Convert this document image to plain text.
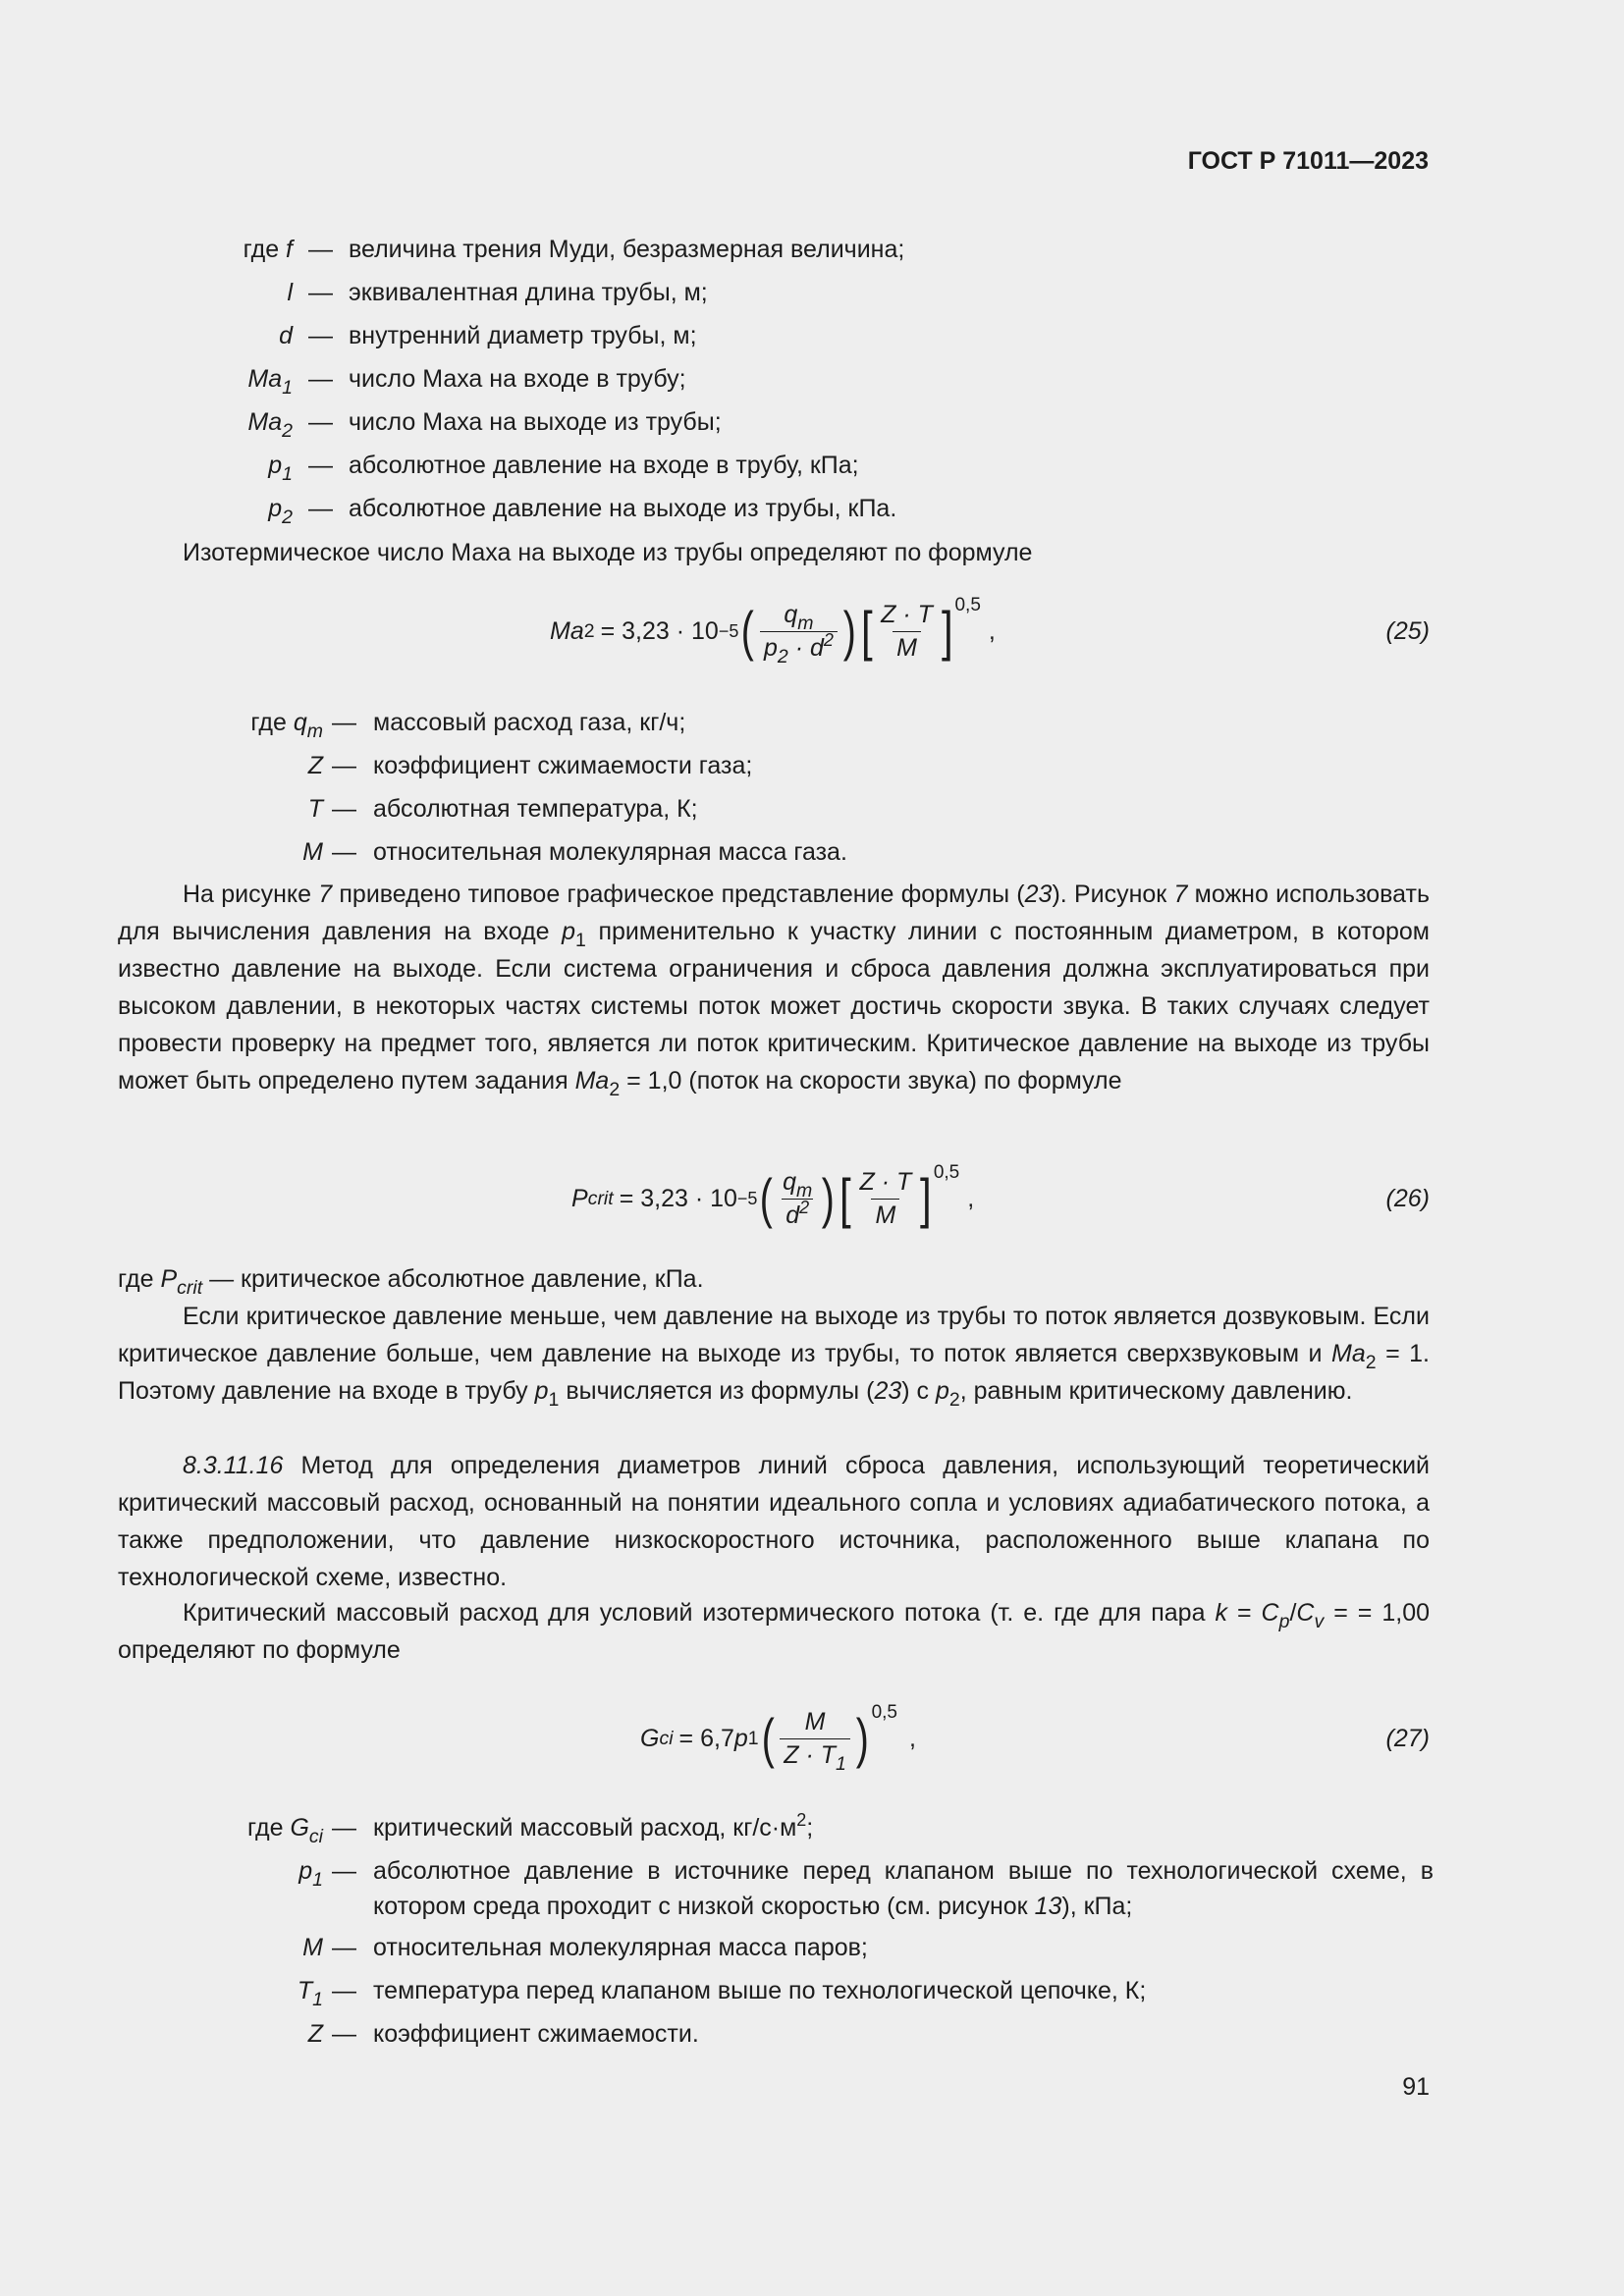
ГОСТ Р 71011—2023
где f — величина трения Муди, безразмерная величина;
l — эквивалентная длина трубы, м;
d — внутренний диаметр трубы, м;
$Ma_1$ — число Маха на входе в трубу;
$Ma_2$ — число Маха на выходе из трубы;
$p_1$ — абсолютное давление на входе в трубу, кПа;
$p_2$ — абсолютное давление на выходе из трубы, кПа.
Изотермическое число Маха на выходе из трубы определяют по формуле
Ma 2 = 3,23 · 10 −5 ( $\frac{q_m}{p_2 \cdot d^2}$ ) [ $\frac{Z \cdot T}{M}$ ] 0,5
,	(25)
где $q_m$ — массовый расход газа, кг/ч;
Z — коэффициент сжимаемости газа;
T — абсолютная температура, К;
M — относительная молекулярная масса газа.
На рисунке 7 приведено типовое графическое представление формулы (23). Рисунок 7 можно использовать для вычисления давления на входе $p_1$ применительно к участку линии с постоянным диаметром, в котором известно давление на выходе. Если система ограничения и сброса давления должна эксплуатироваться при высоком давлении, в некоторых частях системы поток может достичь скорости звука. В таких случаях следует провести проверку на предмет того, является ли поток критическим. Критическое давление на выходе из трубы может быть определено путем задания $Ma_2 = 1,0$ (поток на скорости звука) по формуле
P crit = 3,23 · 10 −5 ( $\frac{q_m}{d^2}$ ) [ $\frac{Z \cdot T}{M}$ ] 0,5
,	(26)
где $P_{crit}$ — критическое абсолютное давление, кПа.
Если критическое давление меньше, чем давление на выходе из трубы то поток является дозвуковым. Если критическое давление больше, чем давление на выходе из трубы, то поток является сверхзвуковым и $Ma_2 = 1$. Поэтому давление на входе в трубу $p_1$ вычисляется из формулы (23) с $p_2$, равным критическому давлению.
8.3.11.16 Метод для определения диаметров линий сброса давления, использующий теоретический критический массовый расход, основанный на понятии идеального сопла и условиях адиабатического потока, а также предположении, что давление низкоскоростного источника, расположенного выше клапана по технологической схеме, известно.
Критический массовый расход для условий изотермического потока (т. е. где для пара $k = C_p/C_v$ = = 1,00 определяют по формуле
G ci = 6,7 p 1 ( $\frac{M}{Z \cdot T_1}$ ) 0,5
,	(27)
где $G_{ci}$ — критический массовый расход, $кг/с\cdot м^2$;
$p_1$ — абсолютное давление в источнике перед клапаном выше по технологической схеме, в котором среда проходит с низкой скоростью (см. рисунок 13), кПа;
M — относительная молекулярная масса паров;
$T_1$ — температура перед клапаном выше по технологической цепочке, К;
Z — коэффициент сжимаемости.
91
